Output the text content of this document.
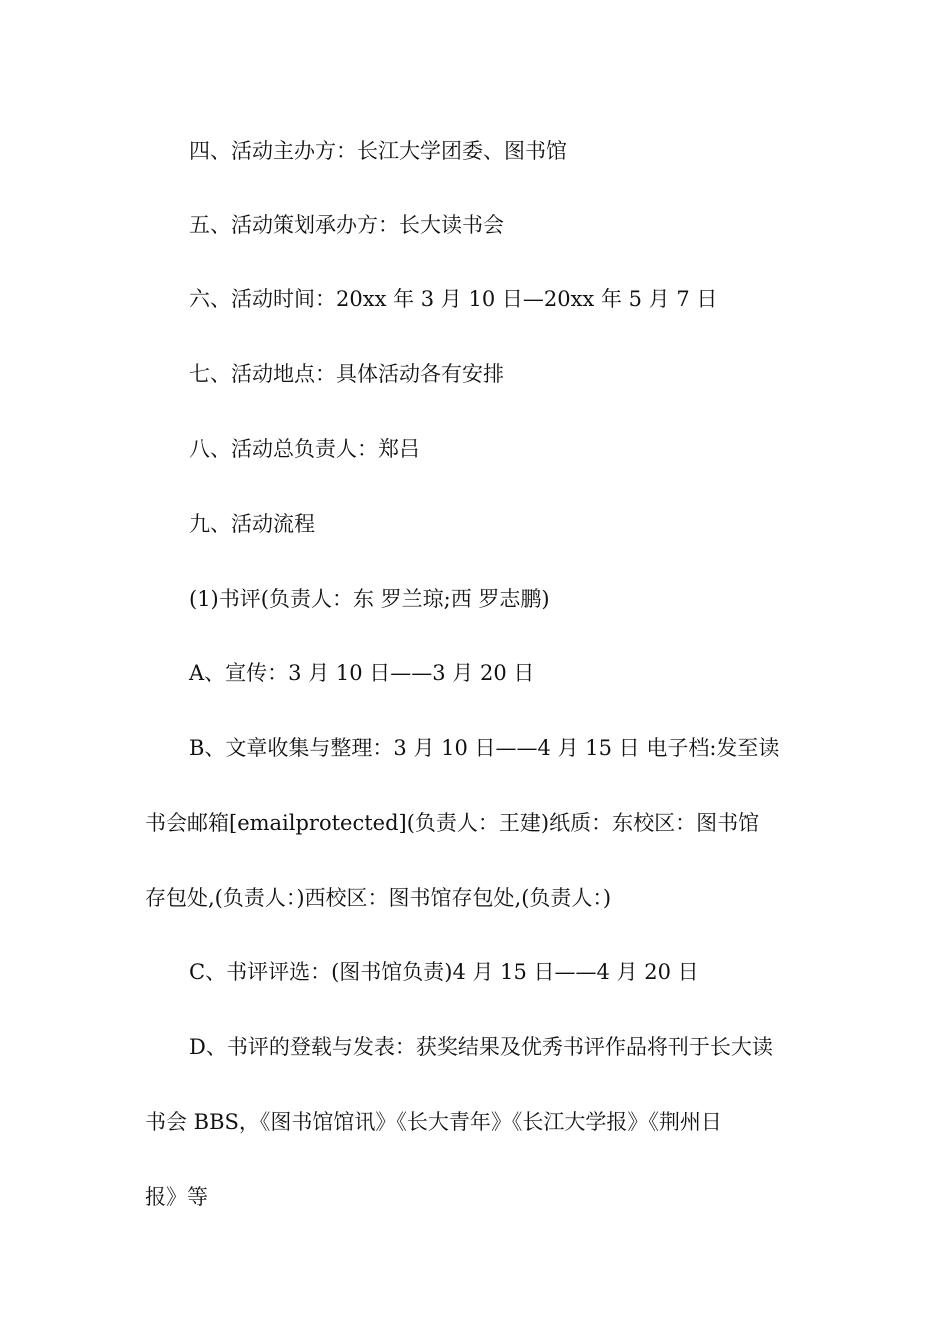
四、活动主办方：长江大学团委、图书馆

五、活动策划承办方：长大读书会

六、活动时间：20xx 年 3 月 10 日—20xx 年 5 月 7 日

七、活动地点：具体活动各有安排

八、活动总负责人：郑吕

九、活动流程

(1)书评(负责人：东 罗兰琼;西 罗志鹏)

A、宣传：3 月 10 日——3 月 20 日

B、文章收集与整理：3 月 10 日——4 月 15 日 电子档:发至读

书会邮箱[emailprotected](负责人：王建)纸质：东校区：图书馆

存包处,(负责人：)西校区：图书馆存包处,(负责人：)

C、书评评选：(图书馆负责)4 月 15 日——4 月 20 日

D、书评的登载与发表：获奖结果及优秀书评作品将刊于长大读

书会 BBS，《图书馆馆讯》《长大青年》《长江大学报》《荆州日

报》等
